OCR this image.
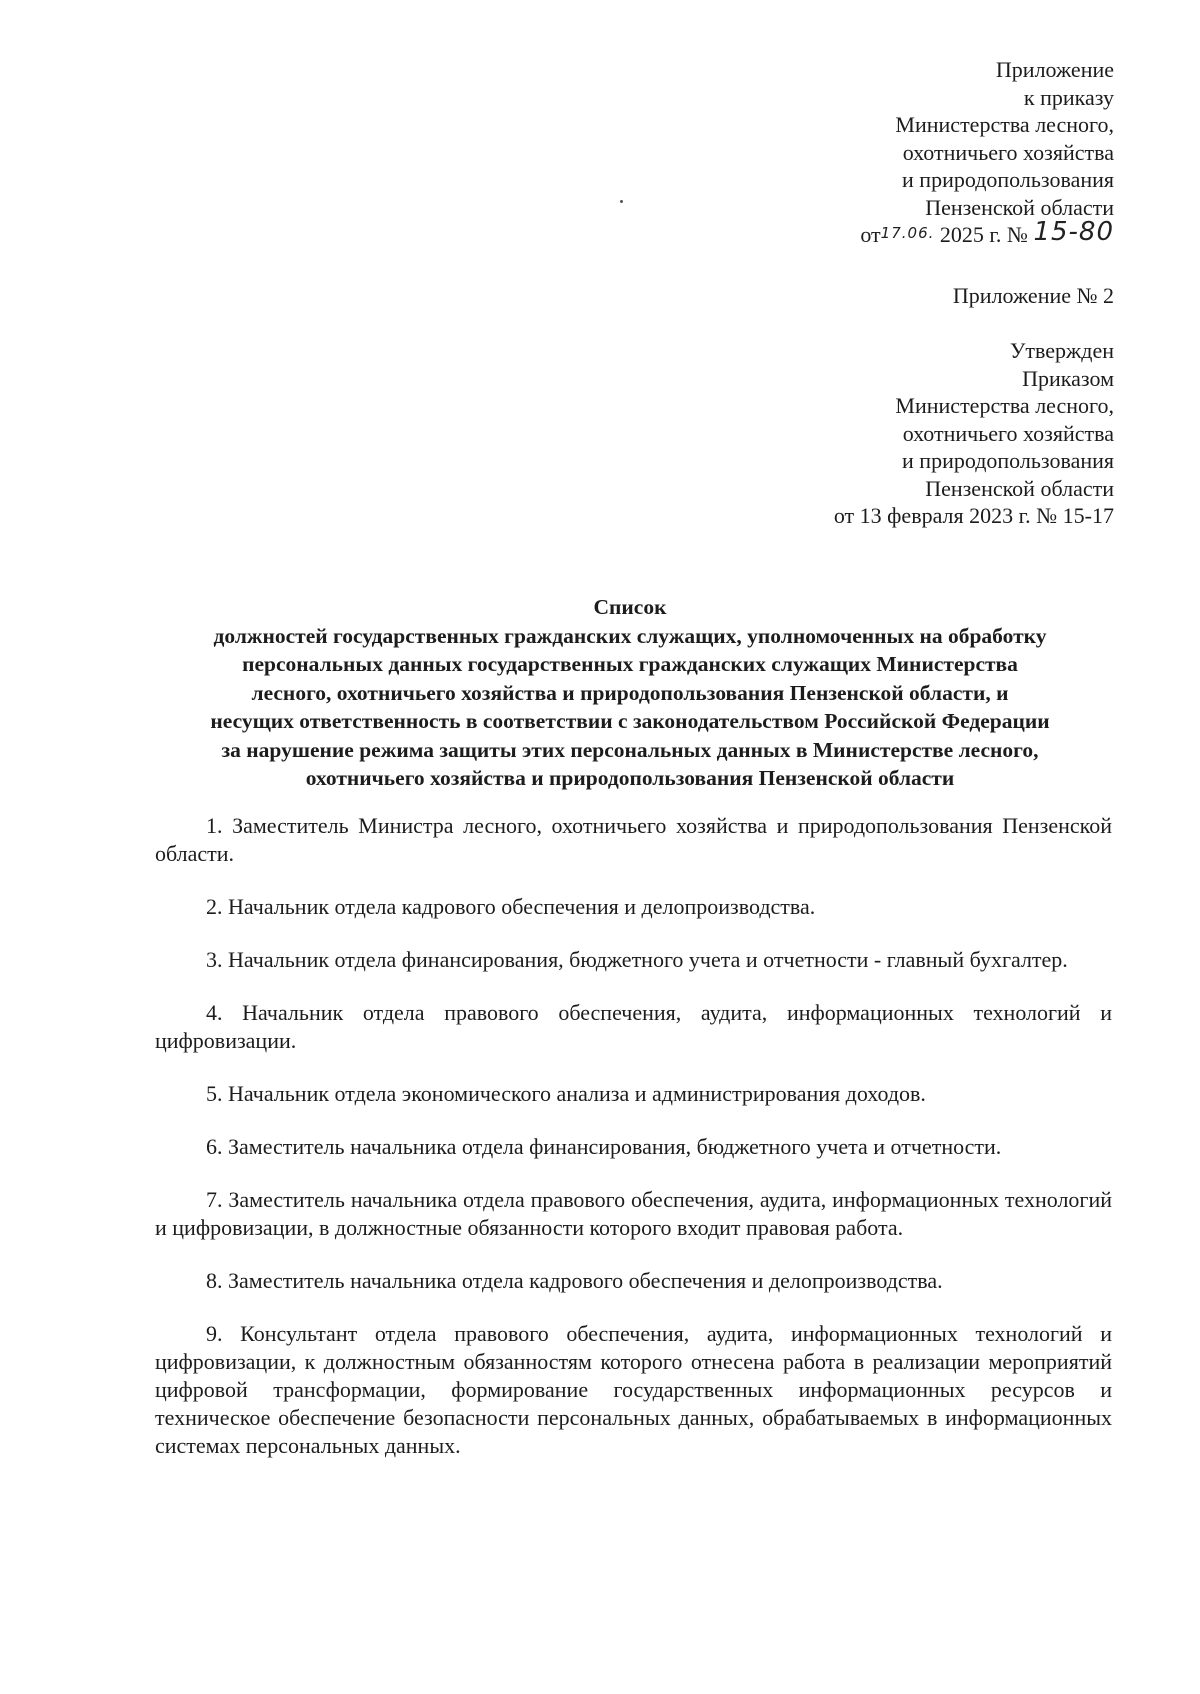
Приложение
к приказу
Министерства лесного,
охотничьего хозяйства
и природопользования
Пензенской области
от17.06. 2025 г. № 15-80
Приложение № 2
Утвержден
Приказом
Министерства лесного,
охотничьего хозяйства
и природопользования
Пензенской области
от 13 февраля 2023 г. № 15-17
Список
должностей государственных гражданских служащих, уполномоченных на обработку
персональных данных государственных гражданских служащих Министерства
лесного, охотничьего хозяйства и природопользования Пензенской области, и
несущих ответственность в соответствии с законодательством Российской Федерации
за нарушение режима защиты этих персональных данных в Министерстве лесного,
охотничьего хозяйства и природопользования Пензенской области

1. Заместитель Министра лесного, охотничьего хозяйства и природопользования Пензенской области.

2. Начальник отдела кадрового обеспечения и делопроизводства.

3. Начальник отдела финансирования, бюджетного учета и отчетности - главный бухгалтер.

4. Начальник отдела правового обеспечения, аудита, информационных технологий и цифровизации.

5. Начальник отдела экономического анализа и администрирования доходов.

6. Заместитель начальника отдела финансирования, бюджетного учета и отчетности.

7. Заместитель начальника отдела правового обеспечения, аудита, информационных технологий и цифровизации, в должностные обязанности которого входит правовая работа.

8. Заместитель начальника отдела кадрового обеспечения и делопроизводства.

9. Консультант отдела правового обеспечения, аудита, информационных технологий и цифровизации, к должностным обязанностям которого отнесена работа в реализации мероприятий цифровой трансформации, формирование государственных информационных ресурсов и техническое обеспечение безопасности персональных данных, обрабатываемых в информационных системах персональных данных.
